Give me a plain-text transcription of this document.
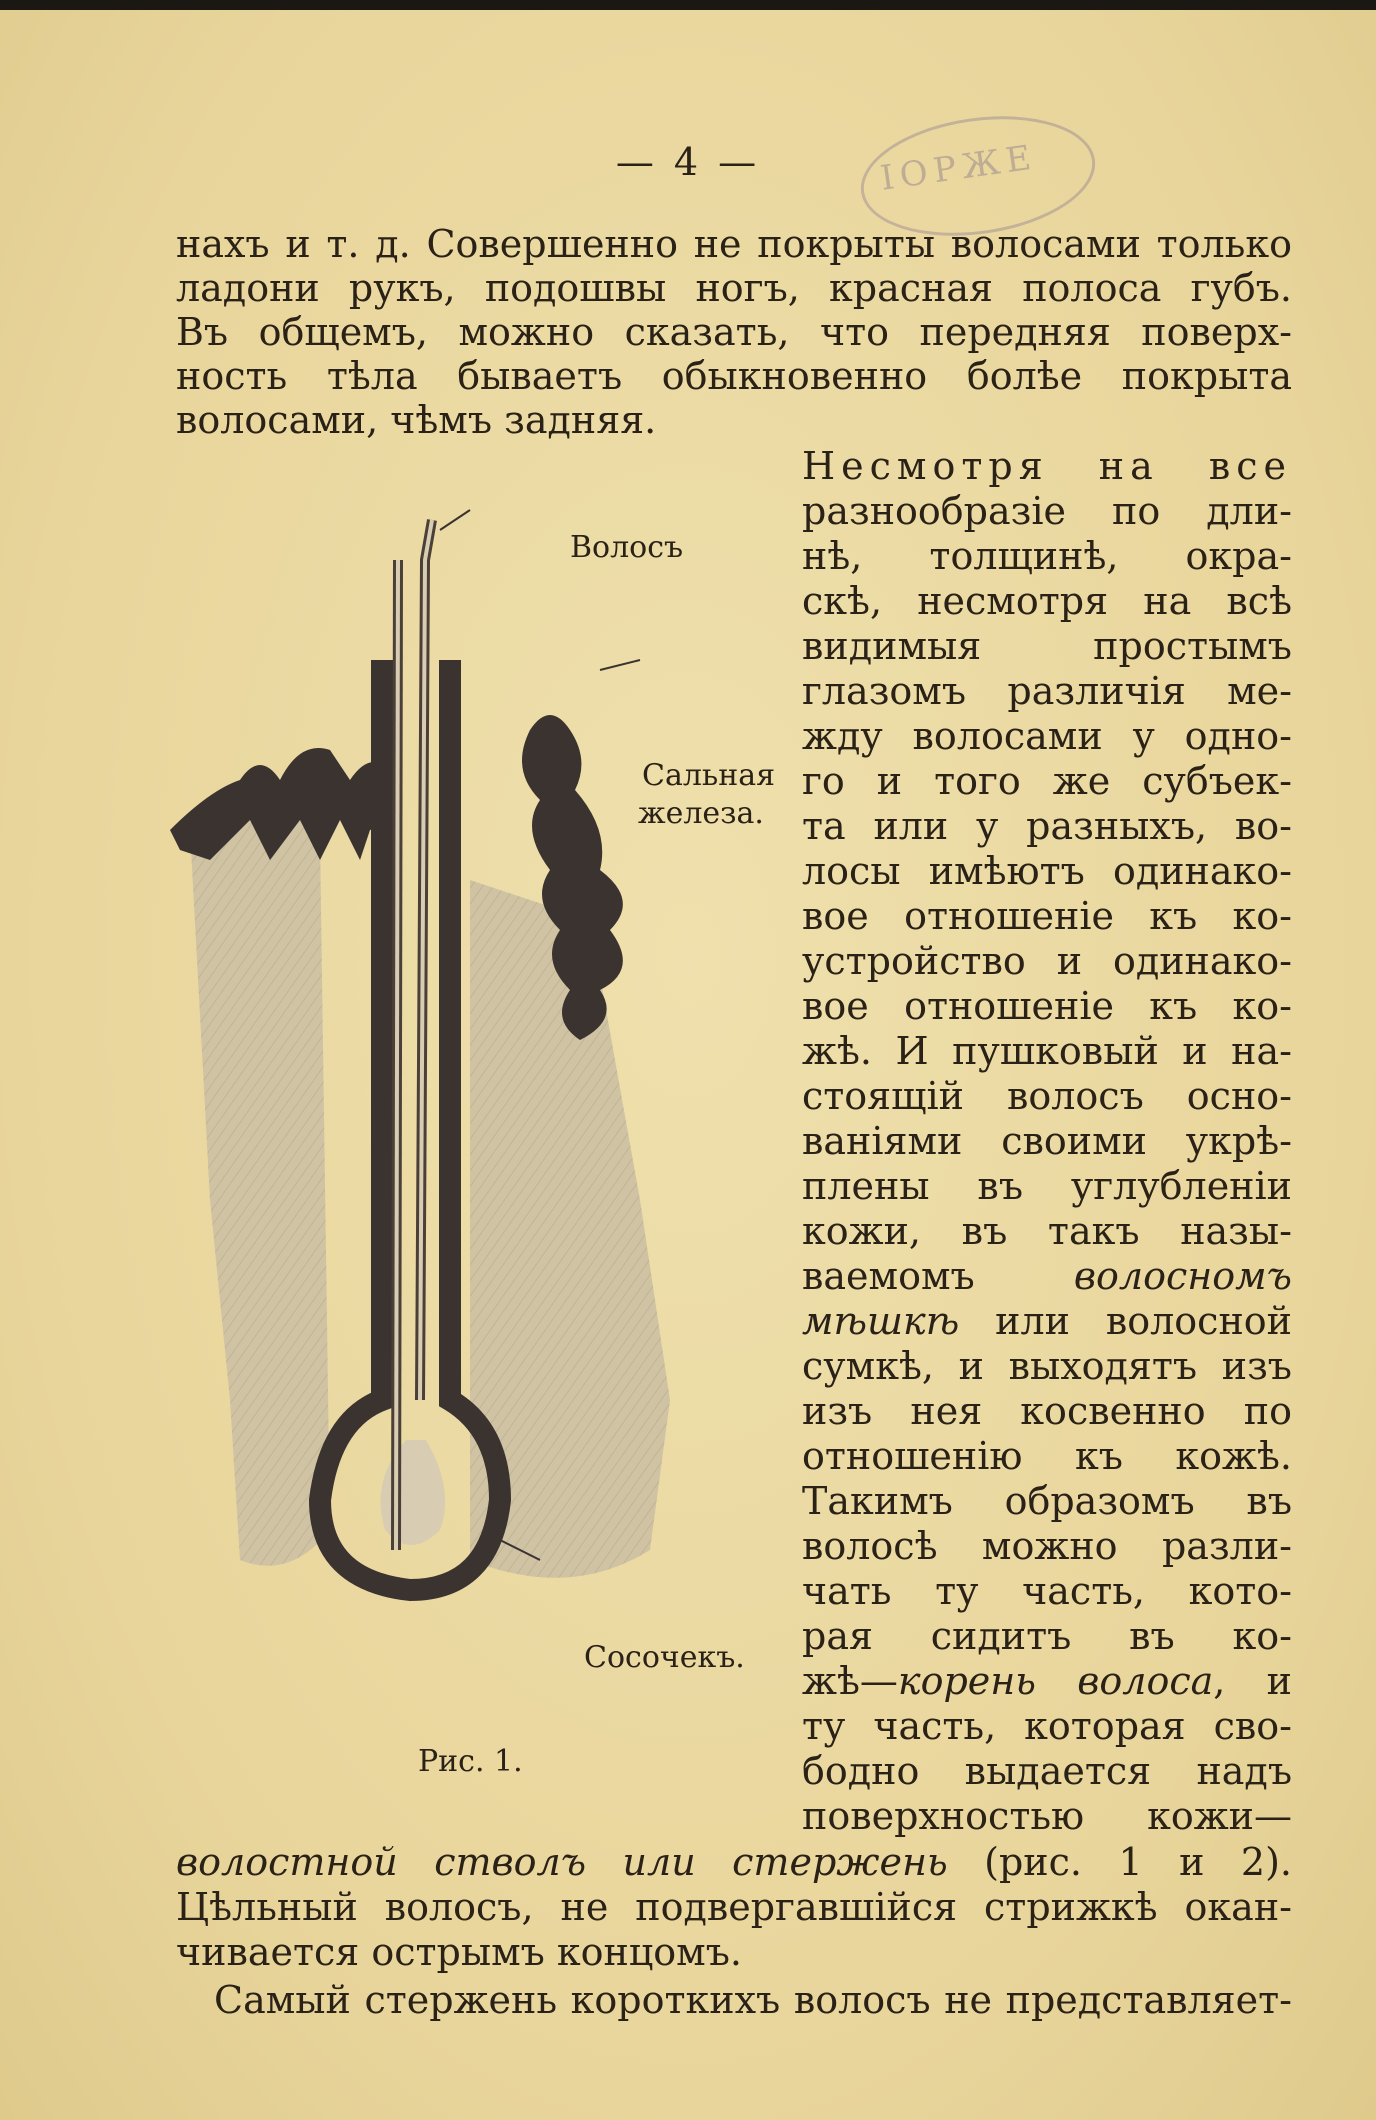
ІОРЖЕ
— 4 —
нахъ и т. д. Совершенно не покрыты волосами только
ладони рукъ, подошвы ногъ, красная полоса губъ.
Въ общемъ, можно сказать, что передняя поверх-
ность тѣла бываетъ обыкновенно болѣе покрыта
волосами, чѣмъ задняя.
Волосъ
Сальная
железа.
Сосочекъ.
Рис. 1.
Несмотря на все
разнообразіе по дли-
нѣ, толщинѣ, окра-
скѣ, несмотря на всѣ
видимыя простымъ
глазомъ различія ме-
жду волосами у одно-
го и того же субъек-
та или у разныхъ, во-
лосы имѣютъ одинако-
вое отношеніе къ ко-
устройство и одинако-
вое отношеніе къ ко-
жѣ. И пушковый и на-
стоящій волосъ осно-
ваніями своими укрѣ-
плены въ углубленіи
кожи, въ такъ назы-
ваемомъ волосномъ
мѣшкѣ или волосной
сумкѣ, и выходятъ изъ
изъ нея косвенно по
отношенію къ кожѣ.
Такимъ образомъ въ
волосѣ можно разли-
чать ту часть, кото-
рая сидитъ въ ко-
жѣ—корень волоса, и
ту часть, которая сво-
бодно выдается надъ
поверхностью кожи—
волостной стволъ или стержень (рис. 1 и 2).
Цѣльный волосъ, не подвергавшійся стрижкѣ окан-
чивается острымъ концомъ.
Самый стержень короткихъ волосъ не представляет-
